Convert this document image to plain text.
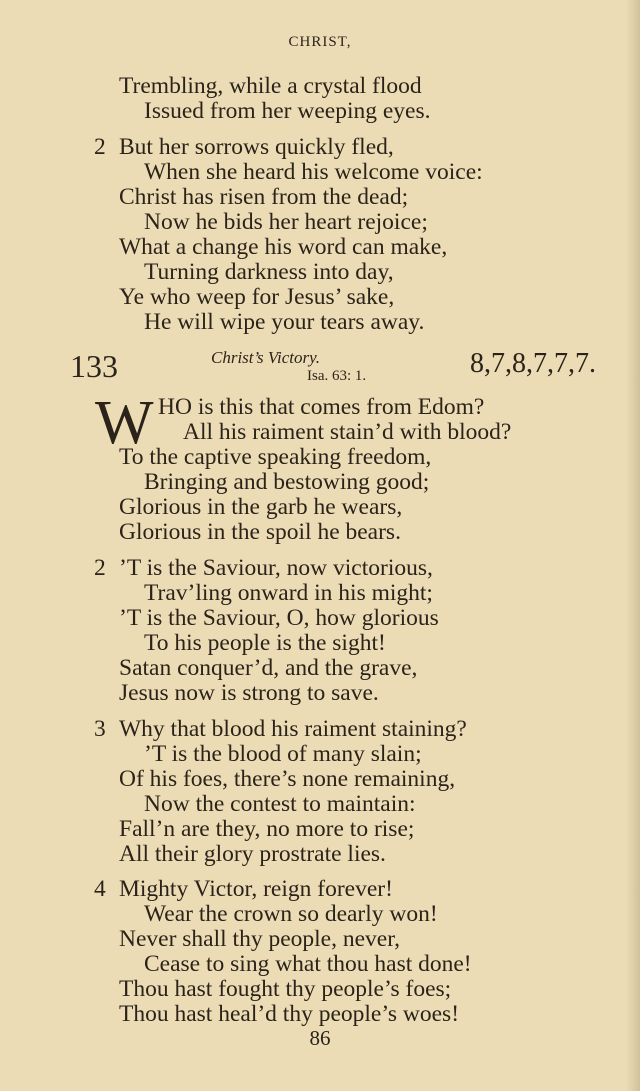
CHRIST,
Trembling, while a crystal flood
Issued from her weeping eyes.
2 But her sorrows quickly fled,
When she heard his welcome voice:
Christ has risen from the dead;
Now he bids her heart rejoice;
What a change his word can make,
Turning darkness into day,
Ye who weep for Jesus’ sake,
He will wipe your tears away.
133	Christ’s Victory.
Isa. 63: 1.	8,7,8,7,7,7.
W HO is this that comes from Edom?
All his raiment stain’d with blood?
To the captive speaking freedom,
Bringing and bestowing good;
Glorious in the garb he wears,
Glorious in the spoil he bears.
2 ’T is the Saviour, now victorious,
Trav’ling onward in his might;
’T is the Saviour, O, how glorious
To his people is the sight!
Satan conquer’d, and the grave,
Jesus now is strong to save.
3 Why that blood his raiment staining?
’T is the blood of many slain;
Of his foes, there’s none remaining,
Now the contest to maintain:
Fall’n are they, no more to rise;
All their glory prostrate lies.
4 Mighty Victor, reign forever!
Wear the crown so dearly won!
Never shall thy people, never,
Cease to sing what thou hast done!
Thou hast fought thy people’s foes;
Thou hast heal’d thy people’s woes!
86
